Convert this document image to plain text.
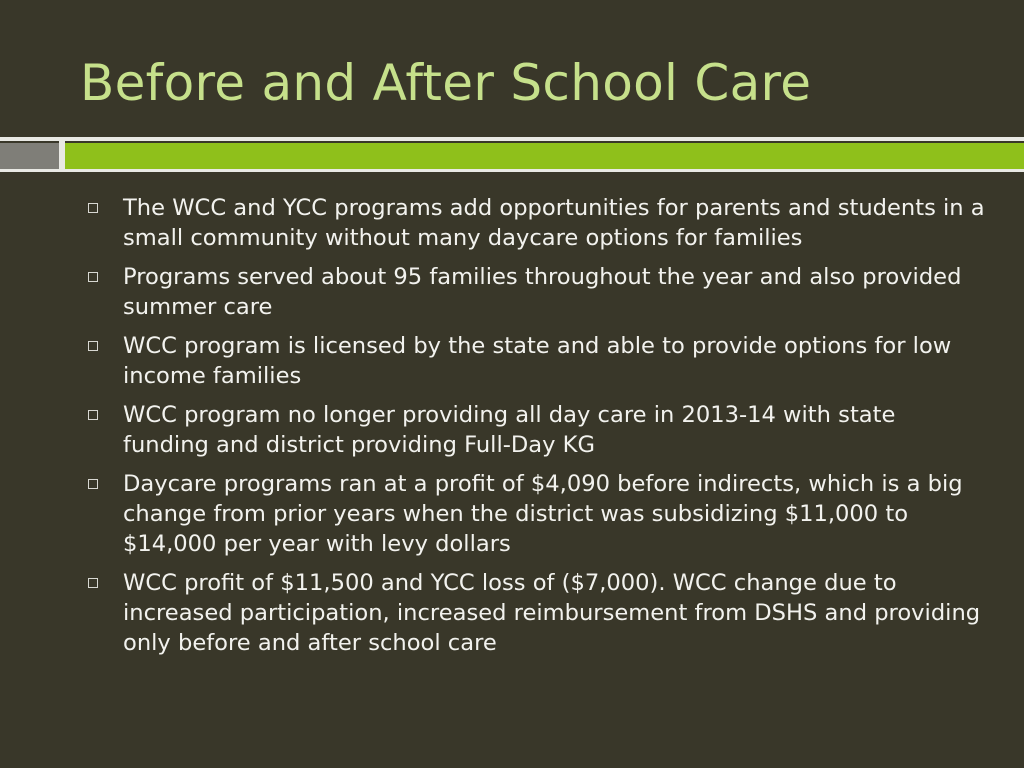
Before and After School Care
The WCC and YCC programs add opportunities for parents and students in a small community without many daycare options for families
Programs served about 95 families throughout the year and also provided summer care
WCC program is licensed by the state and able to provide options for low income families
WCC program no longer providing all day care in 2013-14 with state funding and district providing Full-Day KG
Daycare programs ran at a profit of $4,090 before indirects, which is a big change from prior years when the district was subsidizing $11,000 to $14,000 per year with levy dollars
WCC profit of $11,500 and YCC loss of ($7,000). WCC change due to increased participation, increased reimbursement from DSHS and providing only before and after school care
